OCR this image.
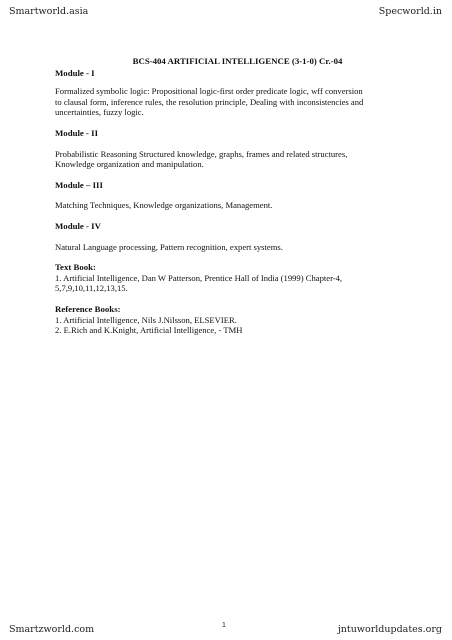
Smartworld.asia	Specworld.in
BCS-404 ARTIFICIAL INTELLIGENCE (3-1-0) Cr.-04
Module - I

Formalized symbolic logic: Propositional logic-first order predicate logic, wff conversion
to clausal form, inference rules, the resolution principle, Dealing with inconsistencies and
uncertainties, fuzzy logic.

Module - II

Probabilistic Reasoning Structured knowledge, graphs, frames and related structures,
Knowledge organization and manipulation.

Module – III

Matching Techniques, Knowledge organizations, Management.

Module - IV

Natural Language processing, Pattern recognition, expert systems.

Text Book:

1. Artificial Intelligence, Dan W Patterson, Prentice Hall of India (1999) Chapter-4,
5,7,9,10,11,12,13,15.

Reference Books:

1. Artificial Intelligence, Nils J.Nilsson, ELSEVIER.
2. E.Rich and K.Knight, Artificial Intelligence, - TMH

Smartzworld.com	1	jntuworldupdates.org
